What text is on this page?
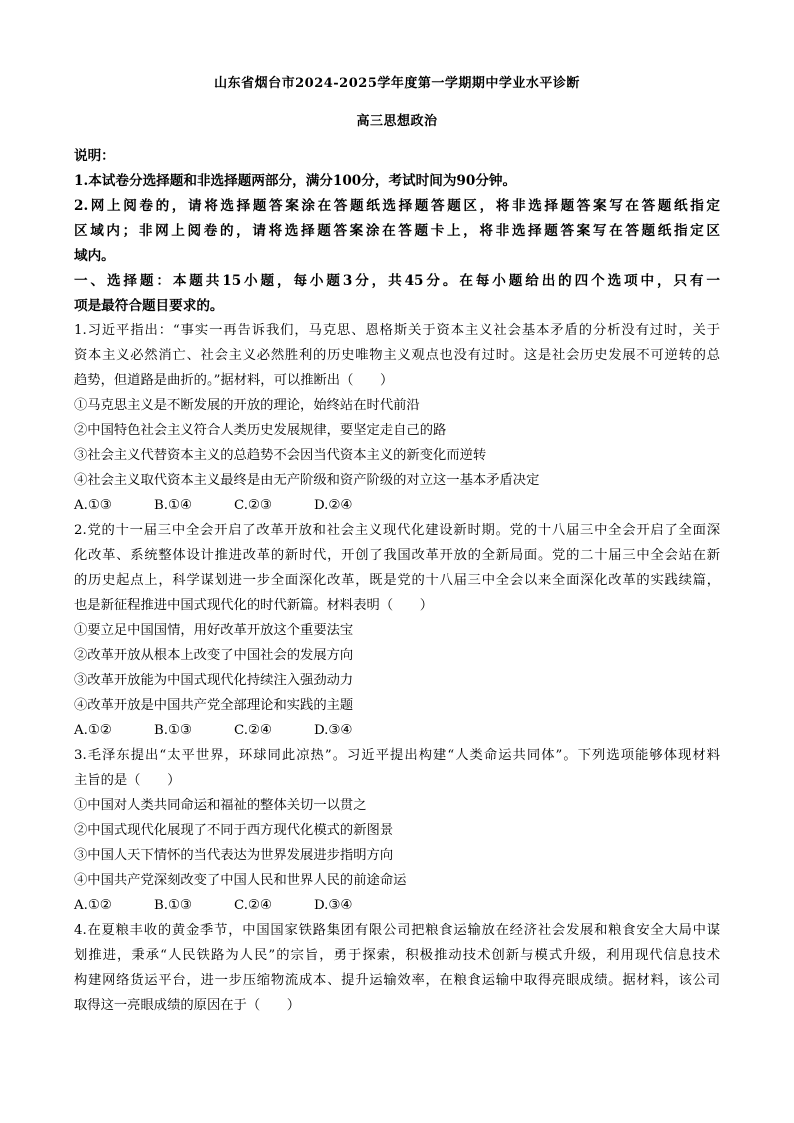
山东省烟台市2024-2025学年度第一学期期中学业水平诊断
高三思想政治
说明：
1.本试卷分选择题和非选择题两部分，满分100分，考试时间为90分钟。
2.网上阅卷的，请将选择题答案涂在答题纸选择题答题区，将非选择题答案写在答题纸指定
区域内；非网上阅卷的，请将选择题答案涂在答题卡上，将非选择题答案写在答题纸指定区
域内。
一、选择题：本题共15小题，每小题3分，共45分。在每小题给出的四个选项中，只有一
项是最符合题目要求的。
1.习近平指出：“事实一再告诉我们，马克思、恩格斯关于资本主义社会基本矛盾的分析没有过时，关于
资本主义必然消亡、社会主义必然胜利的历史唯物主义观点也没有过时。这是社会历史发展不可逆转的总
趋势，但道路是曲折的。”据材料，可以推断出（　　）
①马克思主义是不断发展的开放的理论，始终站在时代前沿
②中国特色社会主义符合人类历史发展规律，要坚定走自己的路
③社会主义代替资本主义的总趋势不会因当代资本主义的新变化而逆转
④社会主义取代资本主义最终是由无产阶级和资产阶级的对立这一基本矛盾决定
A.①③	B.①④	C.②③	D.②④
2.党的十一届三中全会开启了改革开放和社会主义现代化建设新时期。党的十八届三中全会开启了全面深
化改革、系统整体设计推进改革的新时代，开创了我国改革开放的全新局面。党的二十届三中全会站在新
的历史起点上，科学谋划进一步全面深化改革，既是党的十八届三中全会以来全面深化改革的实践续篇，
也是新征程推进中国式现代化的时代新篇。材料表明（　　）
①要立足中国国情，用好改革开放这个重要法宝
②改革开放从根本上改变了中国社会的发展方向
③改革开放能为中国式现代化持续注入强劲动力
④改革开放是中国共产党全部理论和实践的主题
A.①②	B.①③	C.②④	D.③④
3.毛泽东提出“太平世界，环球同此凉热”。习近平提出构建“人类命运共同体”。下列选项能够体现材料
主旨的是（　　）
①中国对人类共同命运和福祉的整体关切一以贯之
②中国式现代化展现了不同于西方现代化模式的新图景
③中国人天下情怀的当代表达为世界发展进步指明方向
④中国共产党深刻改变了中国人民和世界人民的前途命运
A.①②	B.①③	C.②④	D.③④
4.在夏粮丰收的黄金季节，中国国家铁路集团有限公司把粮食运输放在经济社会发展和粮食安全大局中谋
划推进，秉承“人民铁路为人民”的宗旨，勇于探索，积极推动技术创新与模式升级，利用现代信息技术
构建网络货运平台，进一步压缩物流成本、提升运输效率，在粮食运输中取得亮眼成绩。据材料，该公司
取得这一亮眼成绩的原因在于（　　）
